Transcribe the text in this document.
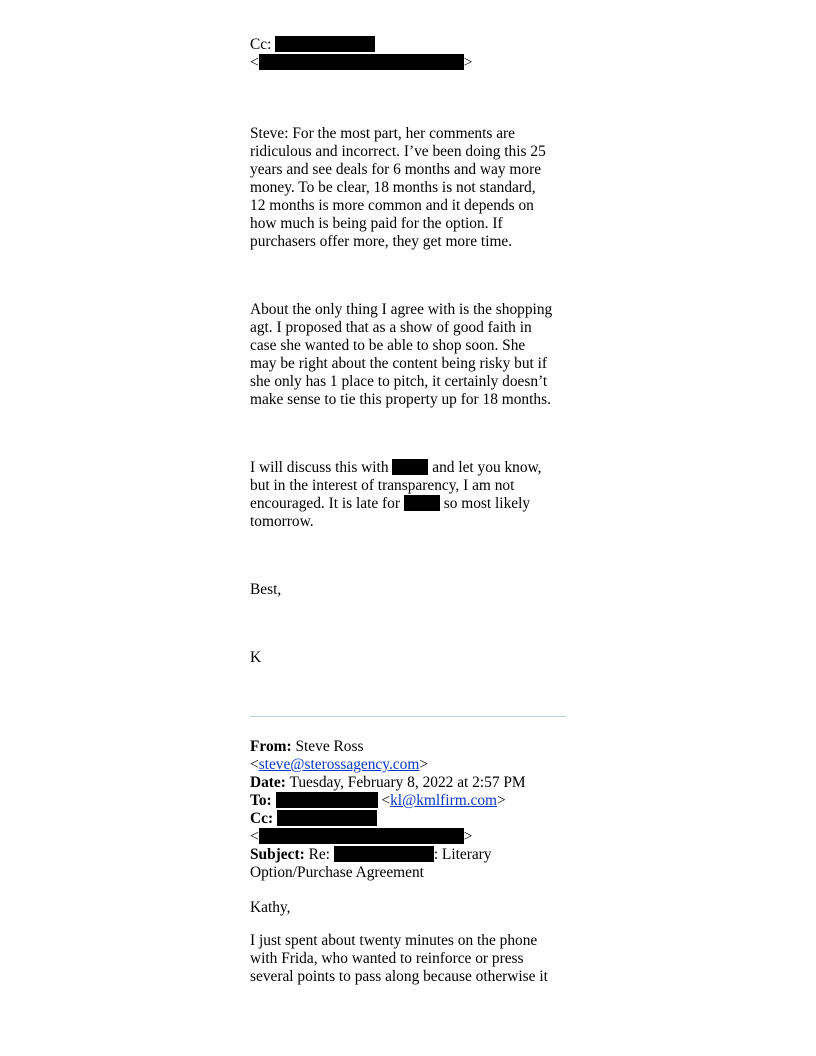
Cc:
<	>
Steve: For the most part, her comments are
ridiculous and incorrect. I’ve been doing this 25
years and see deals for 6 months and way more
money. To be clear, 18 months is not standard,
12 months is more common and it depends on
how much is being paid for the option. If
purchasers offer more, they get more time.
About the only thing I agree with is the shopping
agt. I proposed that as a show of good faith in
case she wanted to be able to shop soon. She
may be right about the content being risky but if
she only has 1 place to pitch, it certainly doesn’t
make sense to tie this property up for 18 months.
I will discuss this with	and let you know,
but in the interest of transparency, I am not
encouraged. It is late for	so most likely
tomorrow.
Best,
K
From: Steve Ross
<steve@sterossagency.com>
Date: Tuesday, February 8, 2022 at 2:57 PM
To:	<kl@kmlfirm.com>
Cc:
<	>
Subject: Re:	: Literary
Option/Purchase Agreement
Kathy,
I just spent about twenty minutes on the phone
with Frida, who wanted to reinforce or press
several points to pass along because otherwise it
